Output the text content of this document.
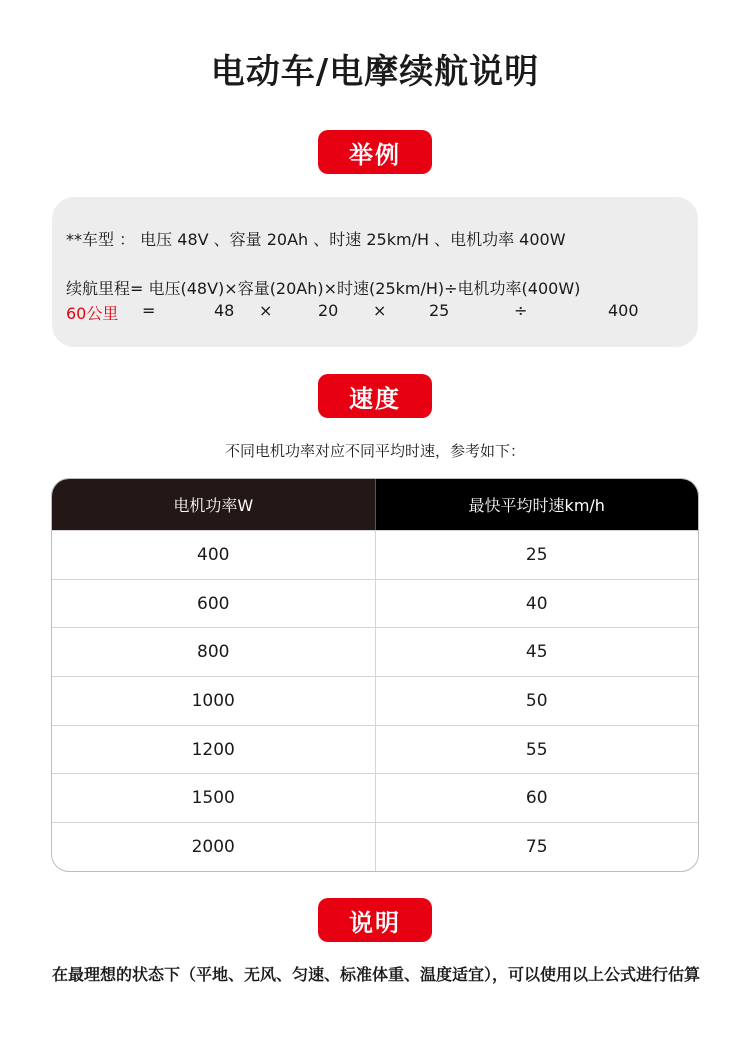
电动车/电摩续航说明
举例
**车型 ： 电压 48V 、容量 20Ah 、时速 25km/H 、电机功率 400W
续航里程= 电压(48V)×容量(20Ah)×时速(25km/H)÷电机功率(400W)
60公里 =	48 ×	20 ×	25	÷	400
速度
不同电机功率对应不同平均时速，参考如下：
电机功率W	最快平均时速km/h
400	25
600	40
800	45
1000	50
1200	55
1500	60
2000	75
说明
在最理想的状态下（平地、无风、匀速、标准体重、温度适宜），可以使用以上公式进行估算
